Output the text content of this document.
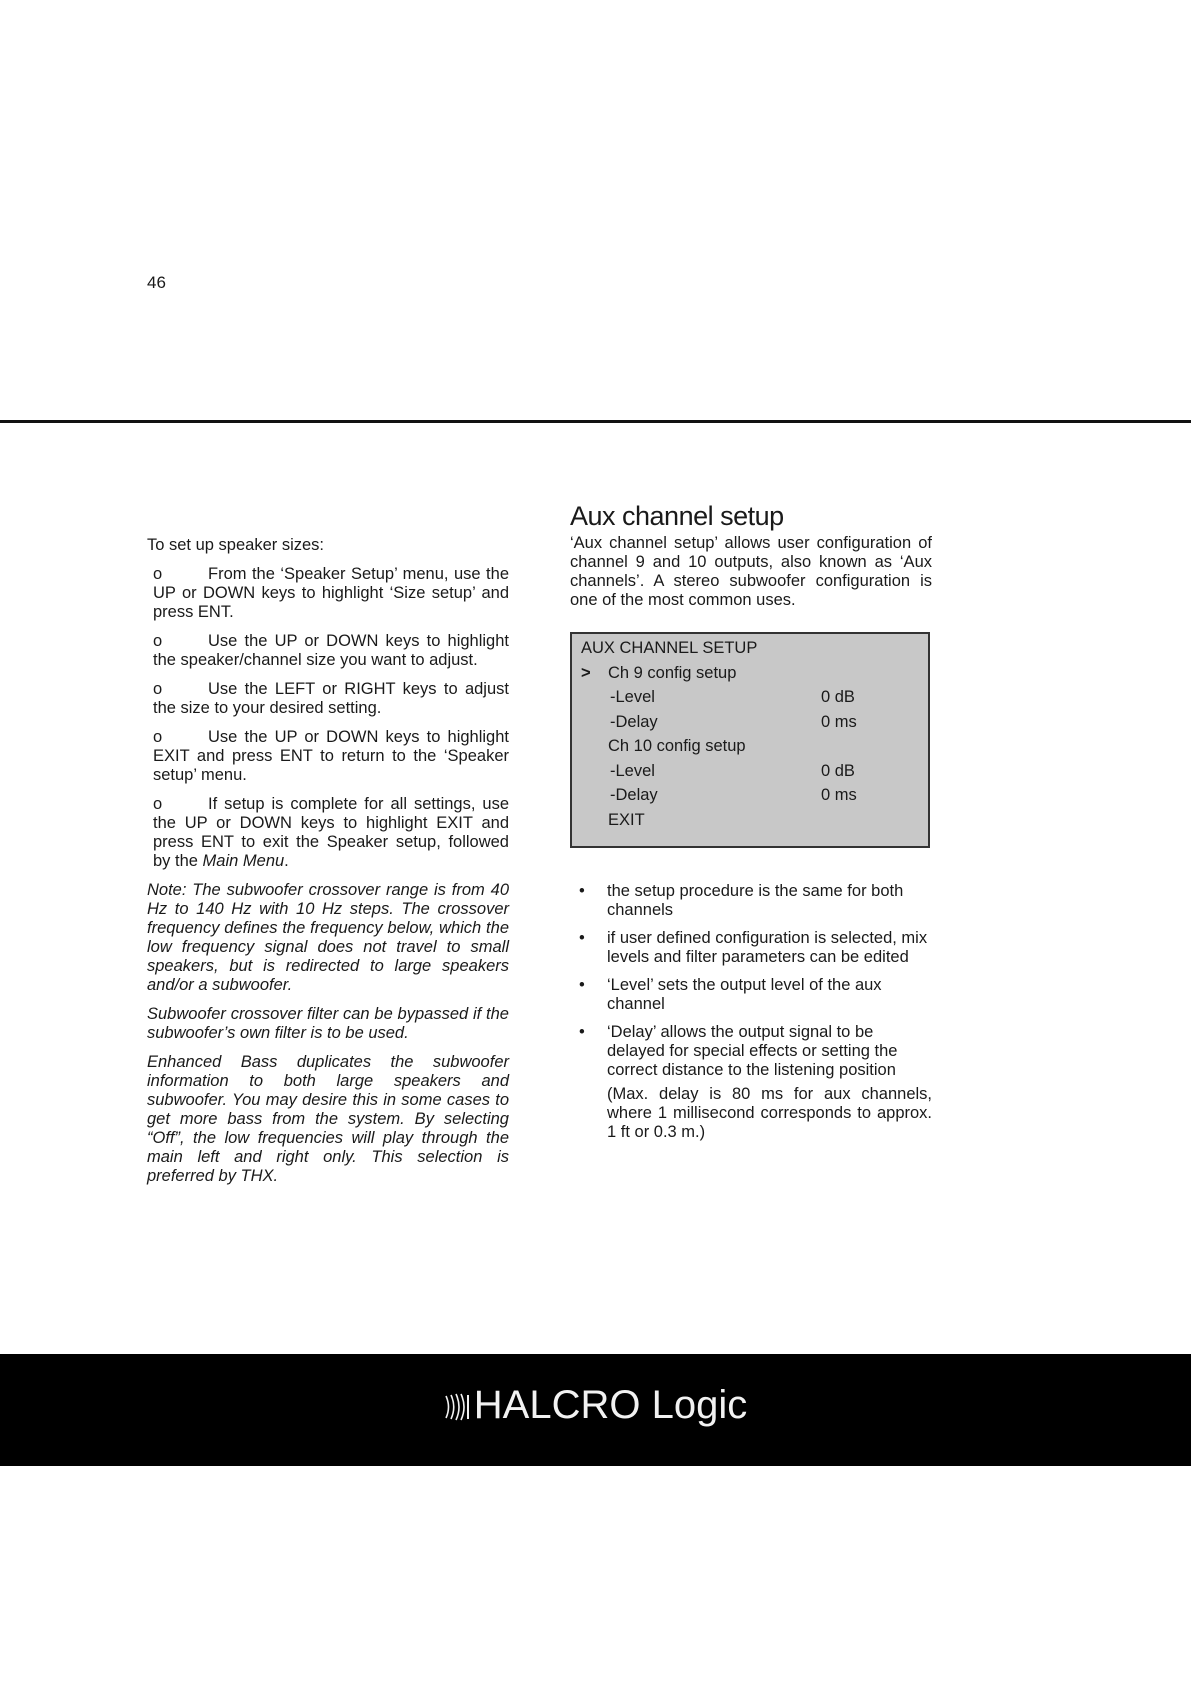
46

To set up speaker sizes:

o	From the ‘Speaker Setup’ menu, use the UP or DOWN keys to highlight ‘Size setup’ and press ENT.

o	Use the UP or DOWN keys to highlight the speaker/channel size you want to adjust.

o	Use the LEFT or RIGHT keys to adjust the size to your desired setting.

o	Use the UP or DOWN keys to highlight EXIT and press ENT to return to the ‘Speaker setup’ menu.

o	If setup is complete for all settings, use the UP or DOWN keys to highlight EXIT and press ENT to exit the Speaker setup, followed by the Main Menu.

Note: The subwoofer crossover range is from 40 Hz to 140 Hz with 10 Hz steps. The crossover frequency defines the frequency below, which the low frequency signal does not travel to small speakers, but is redirected to large speakers and/or a subwoofer.

Subwoofer crossover filter can be bypassed if the subwoofer’s own filter is to be used.

Enhanced Bass duplicates the subwoofer information to both large speakers and subwoofer. You may desire this in some cases to get more bass from the system. By selecting “Off”, the low frequencies will play through the main left and right only. This selection is preferred by THX.

Aux channel setup

‘Aux channel setup’ allows user configuration of channel 9 and 10 outputs, also known as ‘Aux channels’. A stereo subwoofer configuration is one of the most common uses.

AUX CHANNEL SETUP
> Ch 9 config setup
-Level	0 dB
-Delay	0 ms
Ch 10 config setup
-Level	0 dB
-Delay	0 ms
EXIT
• the setup procedure is the same for both channels
• if user defined configuration is selected, mix levels and filter parameters can be edited
• ‘Level’ sets the output level of the aux channel
• ‘Delay’ allows the output signal to be delayed for special effects or setting the correct distance to the listening position

(Max. delay is 80 ms for aux channels, where 1 millisecond corresponds to approx. 1 ft or 0.3 m.)

HALCRO Logic
